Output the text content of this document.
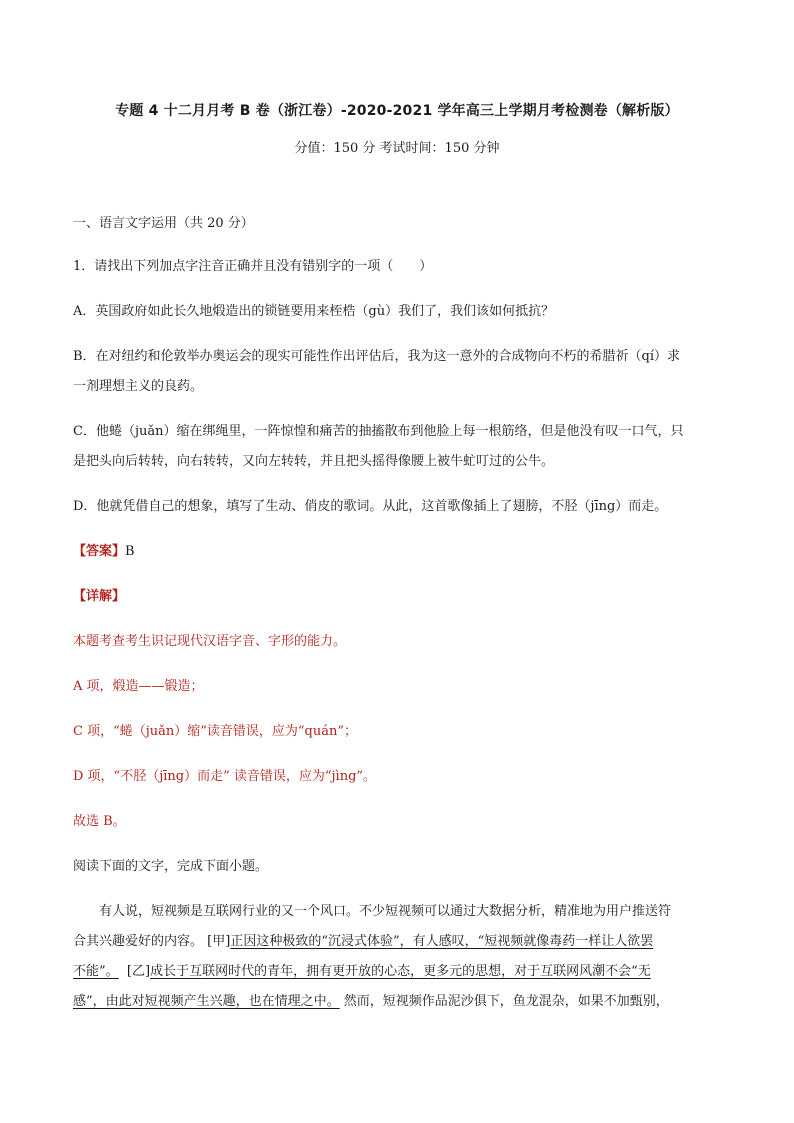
专题 4 十二月月考 B 卷（浙江卷）-2020-2021 学年高三上学期月考检测卷（解析版）
分值：150 分 考试时间：150 分钟
一、语言文字运用（共 20 分）
1．请找出下列加点字注音正确并且没有错别字的一项（　　）
A．英国政府如此长久地煅造出的锁链要用来桎梏（gù）我们了，我们该如何抵抗？
B．在对纽约和伦敦举办奥运会的现实可能性作出评估后，我为这一意外的合成物向不朽的希腊祈（qí）求
一剂理想主义的良药。
C．他蜷（juǎn）缩在绑绳里，一阵惊惶和痛苦的抽搐散布到他脸上每一根筋络，但是他没有叹一口气，只
是把头向后转转，向右转转，又向左转转，并且把头摇得像腰上被牛虻叮过的公牛。
D．他就凭借自己的想象，填写了生动、俏皮的歌词。从此，这首歌像插上了翅膀，不胫（jīng）而走。
【答案】B
【详解】
本题考查考生识记现代汉语字音、字形的能力。
A 项，煅造——锻造；
C 项，“蜷（juǎn）缩”读音错误，应为“quán”；
D 项，“不胫（jīng）而走” 读音错误，应为“jìng”。
故选 B。
阅读下面的文字，完成下面小题。
有人说，短视频是互联网行业的又一个风口。不少短视频可以通过大数据分析，精准地为用户推送符
合其兴趣爱好的内容。 [甲]正因这种极致的“沉浸式体验”，有人感叹，“短视频就像毒药一样让人欲罢
不能”。 [乙]成长于互联网时代的青年，拥有更开放的心态，更多元的思想，对于互联网风潮不会“无
感”，由此对短视频产生兴趣，也在情理之中。 然而，短视频作品泥沙俱下，鱼龙混杂，如果不加甄别，
